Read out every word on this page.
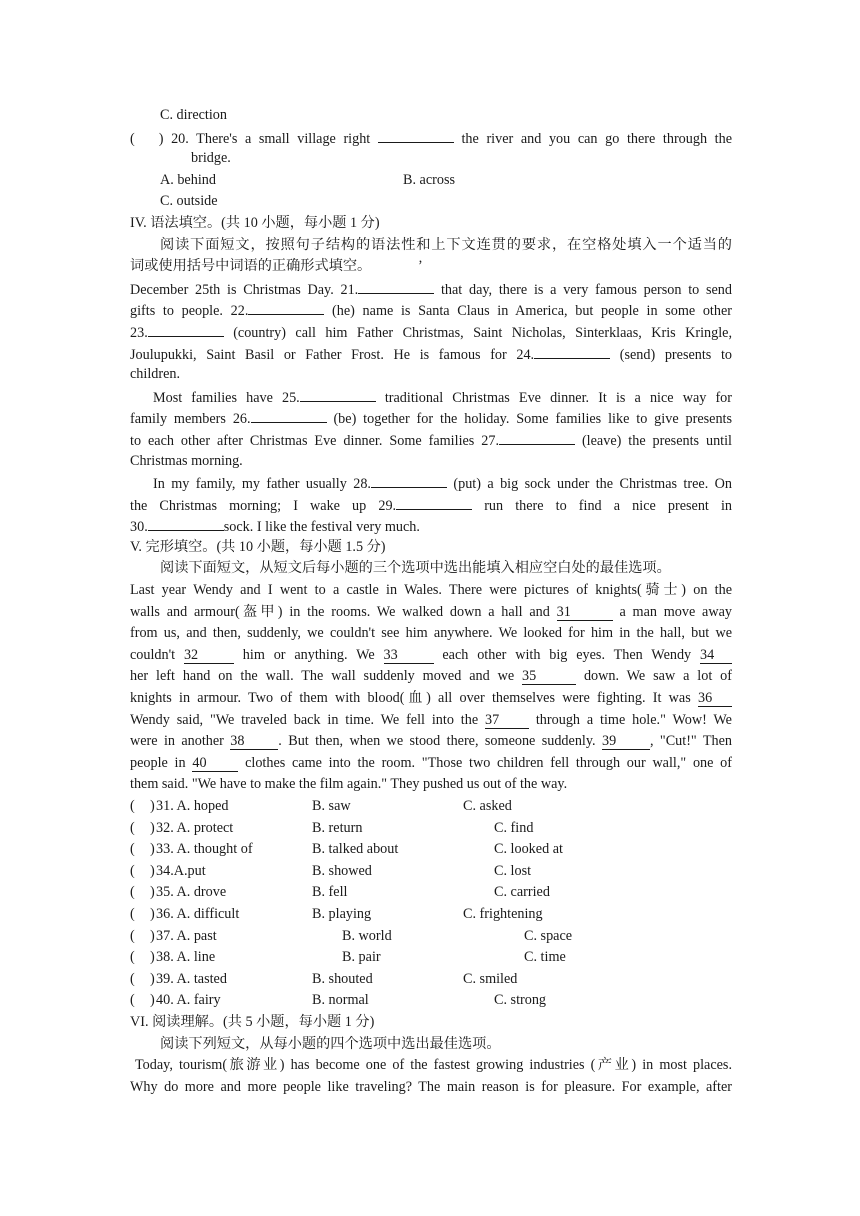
C. direction
( ) 20. There's a small village right	the river and you can go there through the
bridge.
A. behind	B. across
C. outside
IV. 语法填空。(共 10 小题，每小题 1 分)
阅读下面短文，按照句子结构的语法性和上下文连贯的要求，在空格处填入一个适当的
词或使用括号中词语的正确形式填空。	’
December 25th is Christmas Day. 21.	that day, there is a very famous person to send
gifts to people. 22.	(he) name is Santa Claus in America, but people in some other
23.	(country) call him Father Christmas, Saint Nicholas, Sinterklaas, Kris Kringle,
Joulupukki, Saint Basil or Father Frost. He is famous for 24.	(send) presents to
children.
Most families have 25.	traditional Christmas Eve dinner. It is a nice way for
family members 26.	(be) together for the holiday. Some families like to give presents
to each other after Christmas Eve dinner. Some families 27.	(leave) the presents until
Christmas morning.
In my family, my father usually 28.	(put) a big sock under the Christmas tree. On
the Christmas morning; I wake up 29.	run there to find a nice present in
30.	sock. I like the festival very much.
V. 完形填空。(共 10 小题，每小题 1.5 分)
阅读下面短文，从短文后每小题的三个选项中选出能填入相应空白处的最佳选项。
Last year Wendy and I went to a castle in Wales. There were pictures of knights(骑士) on the
walls and armour(盔甲) in the rooms. We walked down a hall and 31	a man move away
from us, and then, suddenly, we couldn't see him anywhere. We looked for him in the hall, but we
couldn't 32	him or anything. We 33	each other with big eyes. Then Wendy 34
her left hand on the wall. The wall suddenly moved and we 35	down. We saw a lot of
knights in armour. Two of them with blood(血) all over themselves were fighting. It was 36
Wendy said, "We traveled back in time. We fell into the 37 through a time hole." Wow! We
were in another 38 . But then, when we stood there, someone suddenly. 39 , "Cut!" Then
people in 40 clothes came into the room. "Those two children fell through our wall," one of
them said. "We have to make the film again." They pushed us out of the way.
( ) 31. A. hoped	B. saw	C. asked
( ) 32. A. protect	B. return	C. find
( ) 33. A. thought of	B. talked about	C. looked at
( ) 34.A.put	B. showed	C. lost
( ) 35. A. drove	B. fell	C. carried
( ) 36. A. difficult	B. playing	C. frightening
( ) 37. A. past	B. world	C. space
( ) 38. A. line	B. pair	C. time
( ) 39. A. tasted	B. shouted	C. smiled
( ) 40. A. fairy	B. normal	C. strong
VI. 阅读理解。(共 5 小题，每小题 1 分)
阅读下列短文，从每小题的四个选项中选出最佳选项。
Today, tourism(旅游业) has become one of the fastest growing industries (产业) in most places.
Why do more and more people like traveling? The main reason is for pleasure. For example, after
